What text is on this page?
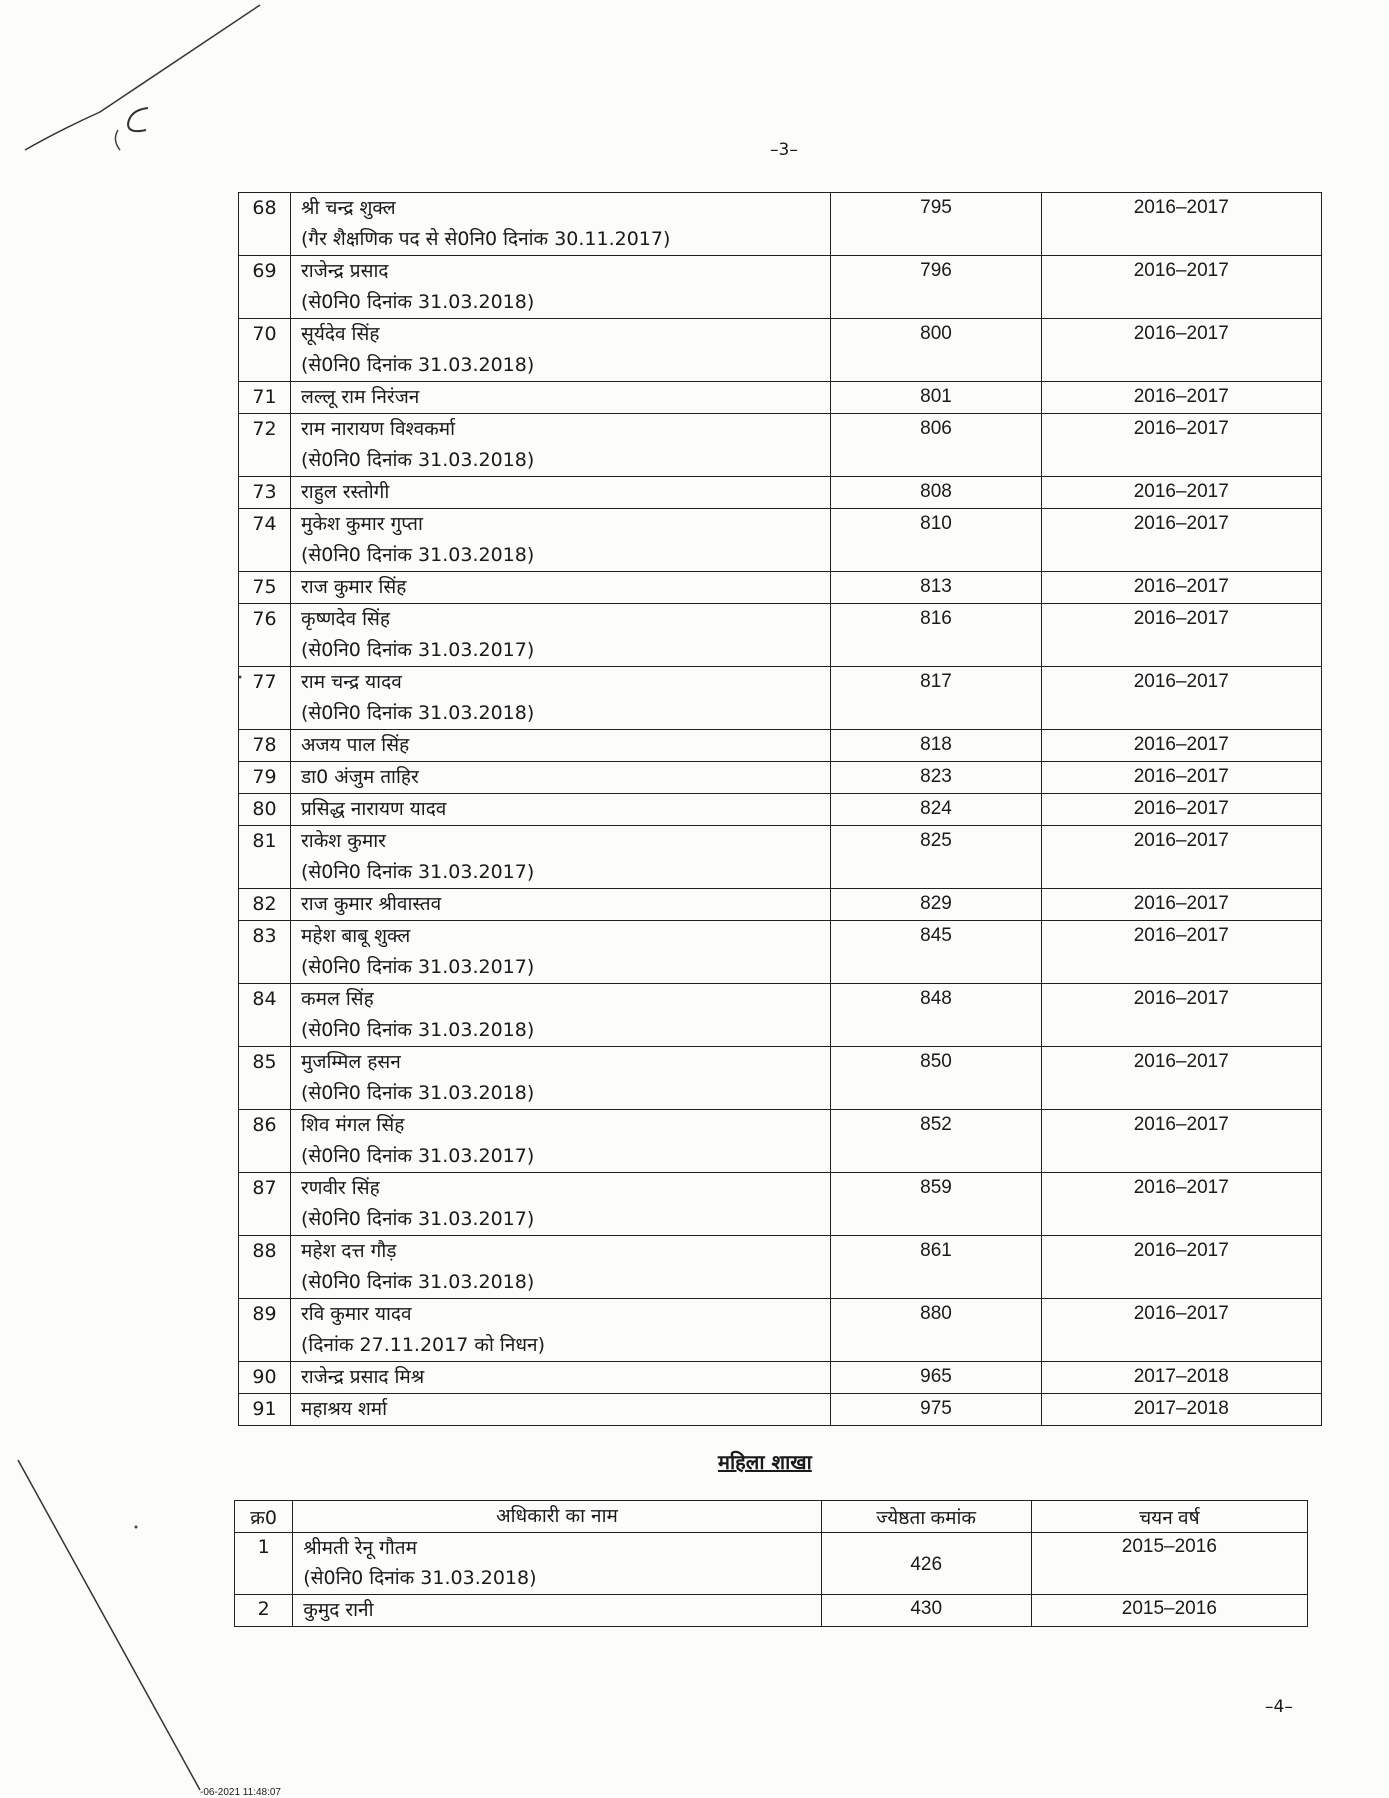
–3–
68	श्री चन्द्र शुक्ल
(गैर शैक्षणिक पद से से0नि0 दिनांक 30.11.2017)	795	2016–2017
69	राजेन्द्र प्रसाद
(से0नि0 दिनांक 31.03.2018)	796	2016–2017
70	सूर्यदेव सिंह
(से0नि0 दिनांक 31.03.2018)	800	2016–2017
71	लल्लू राम निरंजन	801	2016–2017
72	राम नारायण विश्वकर्मा
(से0नि0 दिनांक 31.03.2018)	806	2016–2017
73	राहुल रस्तोगी	808	2016–2017
74	मुकेश कुमार गुप्ता
(से0नि0 दिनांक 31.03.2018)	810	2016–2017
75	राज कुमार सिंह	813	2016–2017
76	कृष्णदेव सिंह
(से0नि0 दिनांक 31.03.2017)	816	2016–2017
77	राम चन्द्र यादव
(से0नि0 दिनांक 31.03.2018)	817	2016–2017
78	अजय पाल सिंह	818	2016–2017
79	डा0 अंजुम ताहिर	823	2016–2017
80	प्रसिद्ध नारायण यादव	824	2016–2017
81	राकेश कुमार
(से0नि0 दिनांक 31.03.2017)	825	2016–2017
82	राज कुमार श्रीवास्तव	829	2016–2017
83	महेश बाबू शुक्ल
(से0नि0 दिनांक 31.03.2017)	845	2016–2017
84	कमल सिंह
(से0नि0 दिनांक 31.03.2018)	848	2016–2017
85	मुजम्मिल हसन
(से0नि0 दिनांक 31.03.2018)	850	2016–2017
86	शिव मंगल सिंह
(से0नि0 दिनांक 31.03.2017)	852	2016–2017
87	रणवीर सिंह
(से0नि0 दिनांक 31.03.2017)	859	2016–2017
88	महेश दत्त गौड़
(से0नि0 दिनांक 31.03.2018)	861	2016–2017
89	रवि कुमार यादव
(दिनांक 27.11.2017 को निधन)	880	2016–2017
90	राजेन्द्र प्रसाद मिश्र	965	2017–2018
91	महाश्रय शर्मा	975	2017–2018
महिला शाखा
क्र0	अधिकारी का नाम	ज्येष्ठता कमांक	चयन वर्ष
1	श्रीमती रेनू गौतम
(से0नि0 दिनांक 31.03.2018)	426	2015–2016
2	कुमुद रानी	430	2015–2016
–4–
-06-2021 11:48:07
